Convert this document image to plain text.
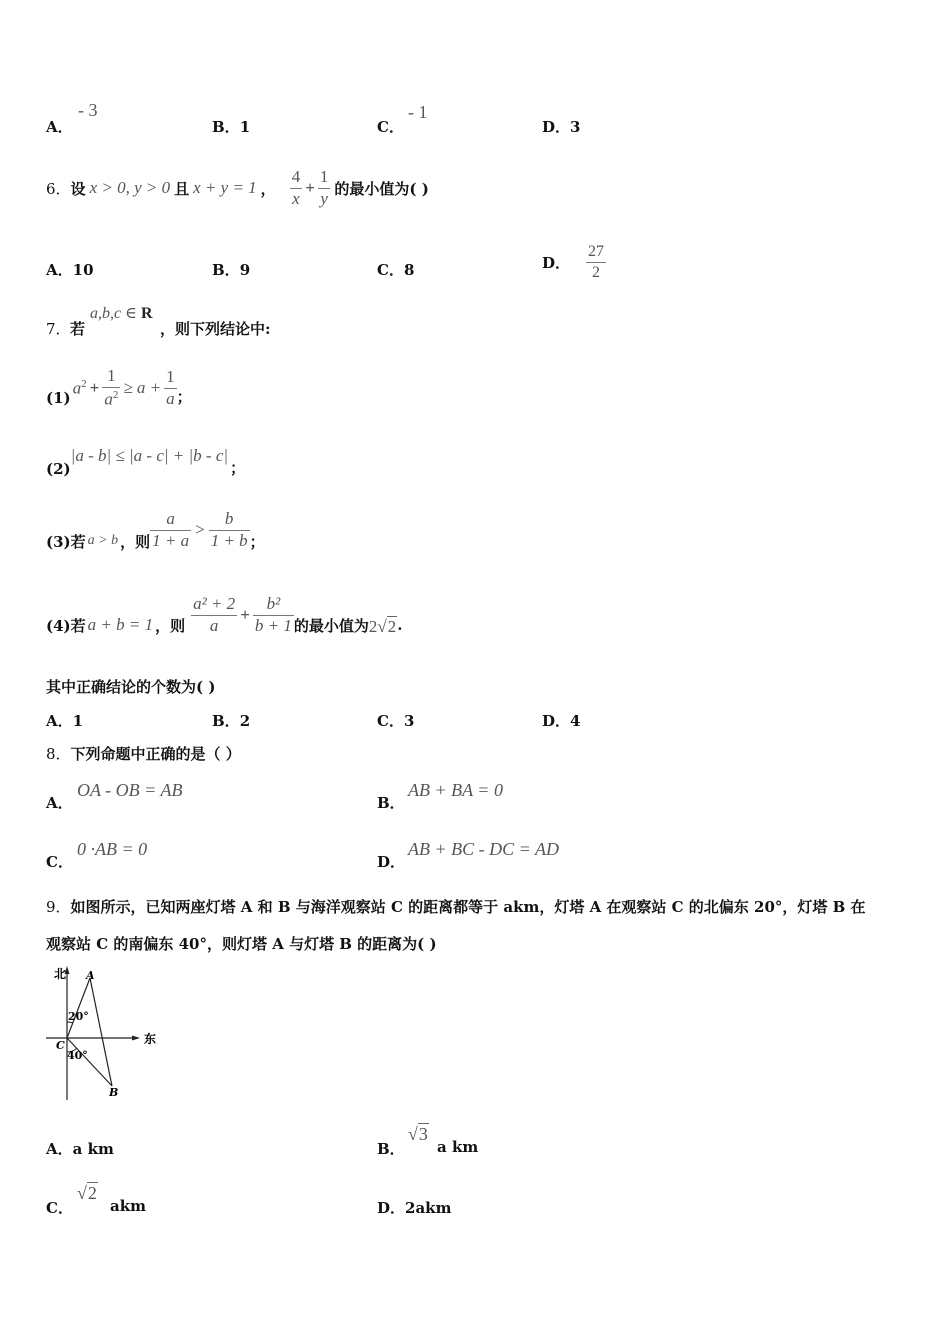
A．
- 3
B．1	C．
- 1
D．3
6． 设 x > 0, y > 0 且 x + y = 1 ， $\frac{4}{x} + \frac{1}{y}$ 的最小值为( )
A．10	B．9	C．8	D． $\frac{27}{2}$
7． 若
a,b,c ∈ R
，则下列结论中:
(1)
$a^2 + \frac{1}{a^2} \ge a + \frac{1}{a}$ ；
(2)
|a - b| ≤ |a - c| + |b - c|
；
(3)若 a > b ，则 $\frac{a}{1 + a} > \frac{b}{1 + b}$ ；
(4)若 a + b = 1 ，则 $\frac{\text{a² + 2}}{a} + \frac{\text{b²}}{b + 1}$ 的最小值为 2√2 .
其中正确结论的个数为( )
A．1	B．2	C．3	D．4
8．下列命题中正确的是（ ）
A．
OA - OB = AB
B．
AB + BA = 0
C．
0 ·AB = 0
D．
AB + BC - DC = AD
9．如图所示，已知两座灯塔 A 和 B 与海洋观察站 C 的距离都等于 akm，灯塔 A 在观察站 C 的北偏东 20°，灯塔 B 在
观察站 C 的南偏东 40°，则灯塔 A 与灯塔 B 的距离为( )
北
东
A
B
C
20°
40°
A．a km	B．
√3
a km
C．
√2
akm	D．2akm
